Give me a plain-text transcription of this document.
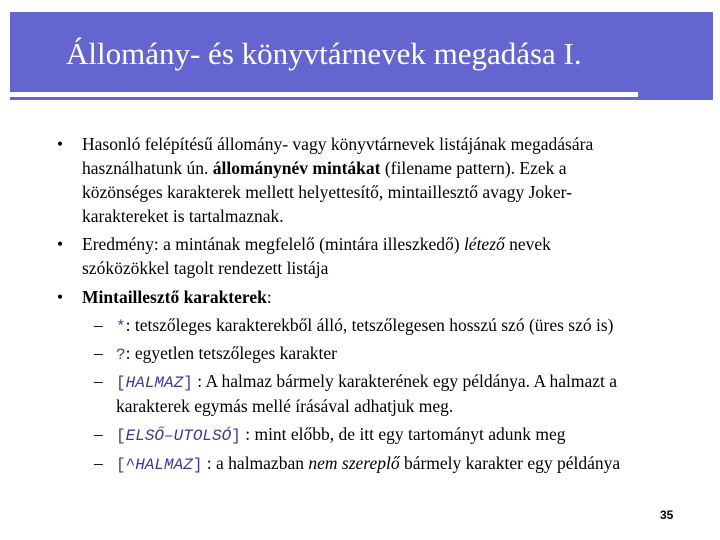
Állomány- és könyvtárnevek megadása I.
• Hasonló felépítésű állomány- vagy könyvtárnevek listájának megadására
használhatunk ún. állománynév mintákat (filename pattern). Ezek a
közönséges karakterek mellett helyettesítő, mintaillesztő avagy Joker-
karaktereket is tartalmaznak.
• Eredmény: a mintának megfelelő (mintára illeszkedő) létező nevek
szóközökkel tagolt rendezett listája
• Mintaillesztő karakterek:
– *: tetszőleges karakterekből álló, tetszőlegesen hosszú szó (üres szó is)
– ?: egyetlen tetszőleges karakter
– [HALMAZ] : A halmaz bármely karakterének egy példánya. A halmazt a
karakterek egymás mellé írásával adhatjuk meg.
– [ELSŐ–UTOLSÓ] : mint előbb, de itt egy tartományt adunk meg
– [^HALMAZ] : a halmazban nem szereplő bármely karakter egy példánya
35
